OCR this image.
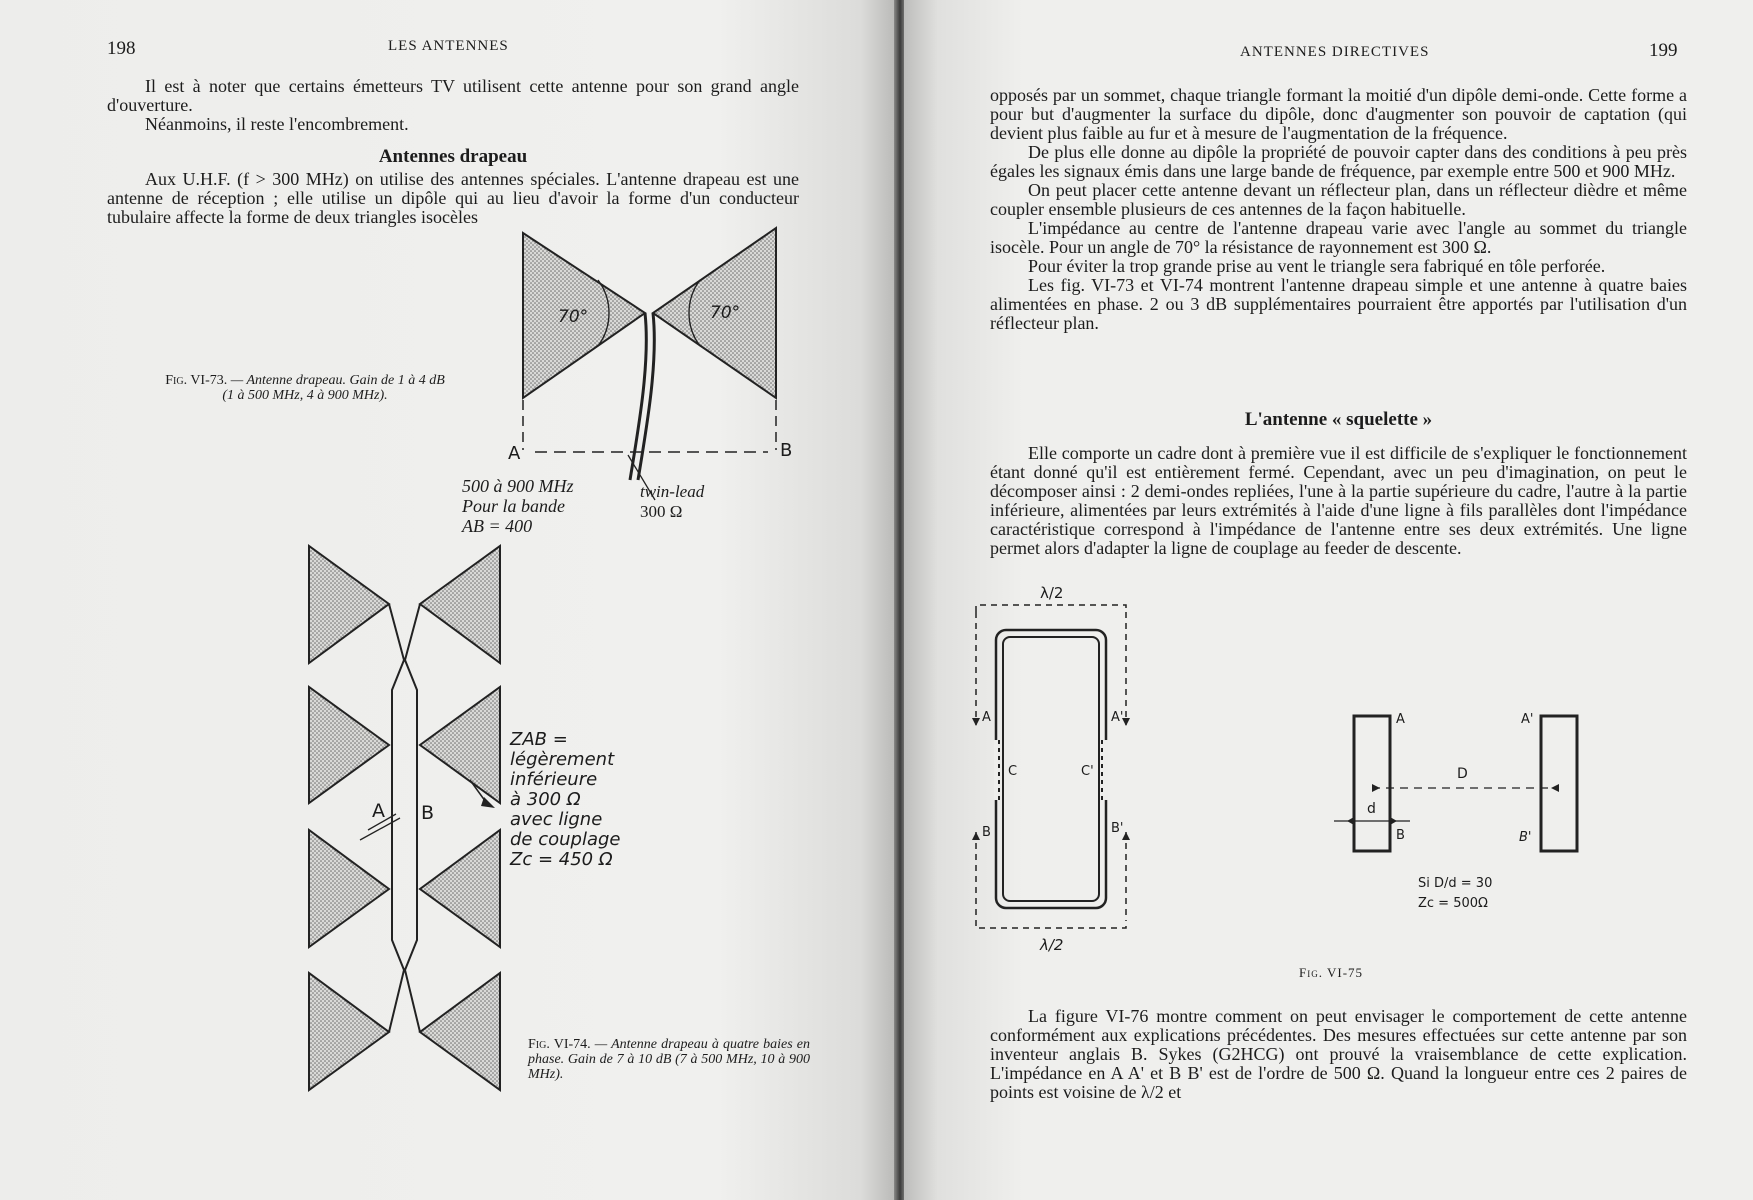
198	LES ANTENNES

Il est à noter que certains émetteurs TV utilisent cette antenne pour son grand angle d'ouverture.

Néanmoins, il reste l'encombrement.

Antennes drapeau

Aux U.H.F. (f > 300 MHz) on utilise des antennes spéciales. L'antenne drapeau est une antenne de réception ; elle utilise un dipôle qui au lieu d'avoir la forme d'un conducteur tubulaire affecte la forme de deux triangles isocèles

70°	70°
A	B
500 à 900 MHz
Pour la bande
AB = 400
twin-lead
300 Ω
Fig. VI-73. — Antenne drapeau. Gain de 1 à 4 dB (1 à 500 MHz, 4 à 900 MHz).
A B
ZAB =
légèrement
inférieure
à 300 Ω
avec ligne
de couplage
Zc = 450 Ω
Fig. VI-74. — Antenne drapeau à quatre baies en phase. Gain de 7 à 10 dB (7 à 500 MHz, 10 à 900 MHz).
ANTENNES DIRECTIVES	199

opposés par un sommet, chaque triangle formant la moitié d'un dipôle demi-onde. Cette forme a pour but d'augmenter la surface du dipôle, donc d'augmenter son pouvoir de captation (qui devient plus faible au fur et à mesure de l'augmentation de la fréquence.

De plus elle donne au dipôle la propriété de pouvoir capter dans des conditions à peu près égales les signaux émis dans une large bande de fréquence, par exemple entre 500 et 900 MHz.

On peut placer cette antenne devant un réflecteur plan, dans un réflecteur dièdre et même coupler ensemble plusieurs de ces antennes de la façon habituelle.

L'impédance au centre de l'antenne drapeau varie avec l'angle au sommet du triangle isocèle. Pour un angle de 70° la résistance de rayonnement est 300 Ω.

Pour éviter la trop grande prise au vent le triangle sera fabriqué en tôle perforée.

Les fig. VI-73 et VI-74 montrent l'antenne drapeau simple et une antenne à quatre baies alimentées en phase. 2 ou 3 dB supplémentaires pourraient être apportés par l'utilisation d'un réflecteur plan.

L'antenne « squelette »

Elle comporte un cadre dont à première vue il est difficile de s'expliquer le fonctionnement étant donné qu'il est entièrement fermé. Cependant, avec un peu d'imagination, on peut le décomposer ainsi : 2 demi-ondes repliées, l'une à la partie supérieure du cadre, l'autre à la partie inférieure, alimentées par leurs extrémités à l'aide d'une ligne à fils parallèles dont l'impédance caractéristique correspond à l'impédance de l'antenne entre ses deux extrémités. Une ligne permet alors d'adapter la ligne de couplage au feeder de descente.

λ/2
λ/2
A	A'
C	C'
B	B'
A	A'
D
d
B	B'
Si D/d = 30
Zc = 500Ω
Fig. VI-75

La figure VI-76 montre comment on peut envisager le comportement de cette antenne conformément aux explications précédentes. Des mesures effectuées sur cette antenne par son inventeur anglais B. Sykes (G2HCG) ont prouvé la vraisemblance de cette explication. L'impédance en A A' et B B' est de l'ordre de 500 Ω. Quand la longueur entre ces 2 paires de points est voisine de λ/2 et
